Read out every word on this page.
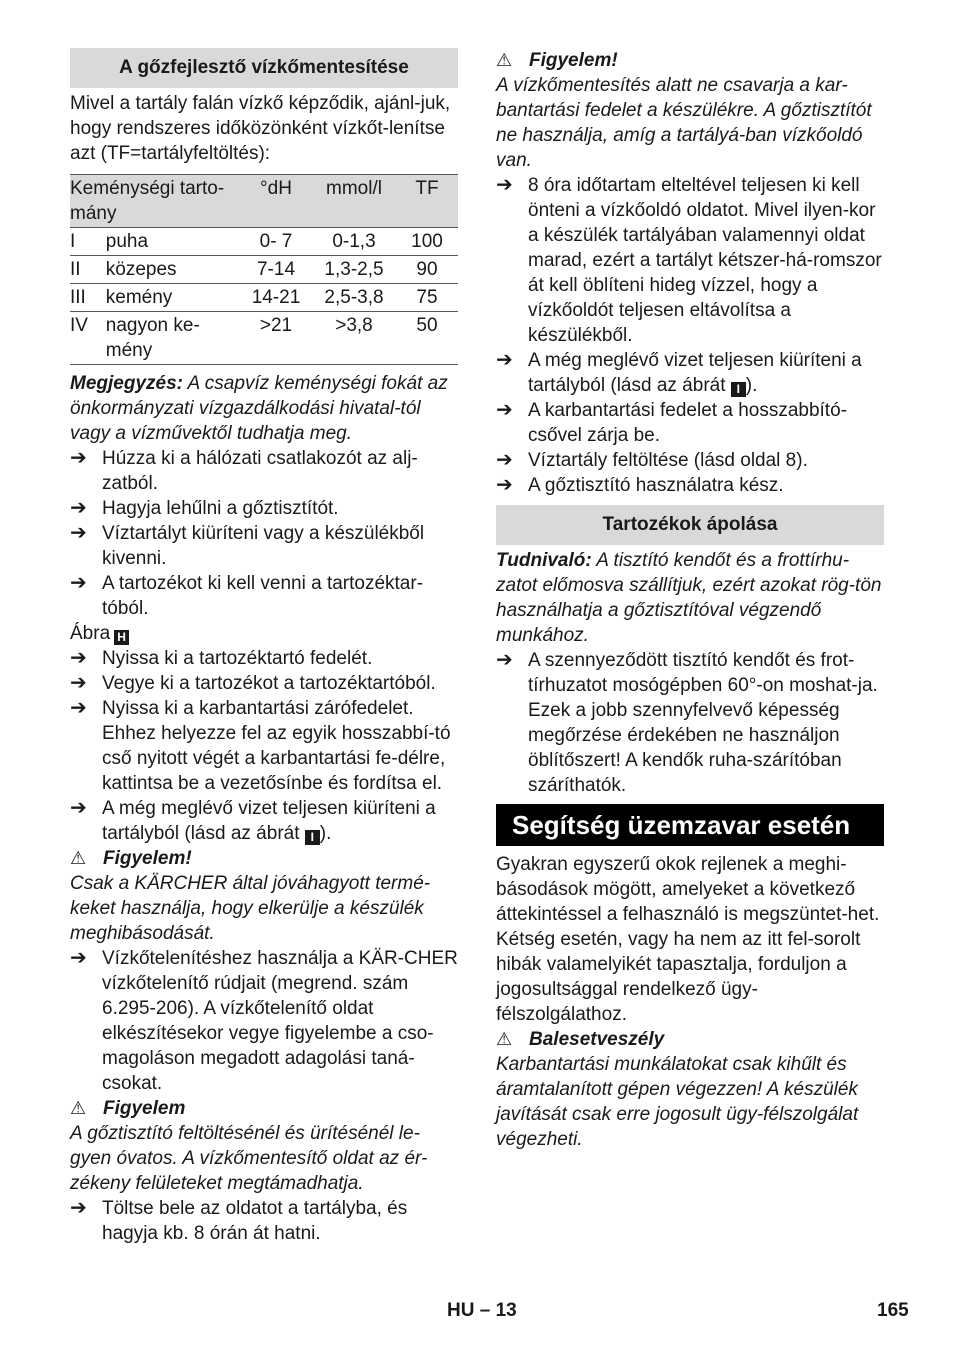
A gőzfejlesztő vízkőmentesítése

Mivel a tartály falán vízkő képződik, ajánl-juk, hogy rendszeres időközönként vízkőt-lenítse azt (TF=tartályfeltöltés):

Keménységi tarto-mány		°dH	mmol/l	TF
I	puha	0- 7	0-1,3	100
II	közepes	7-14	1,3-2,5	90
III	kemény	14-21	2,5-3,8	75
IV	nagyon ke-mény	>21	>3,8	50

Megjegyzés: A csapvíz keménységi fokát az önkormányzati vízgazdálkodási hivatal-tól vagy a vízművektől tudhatja meg.

➔ Húzza ki a hálózati csatlakozót az alj-zatból.
➔ Hagyja lehűlni a gőztisztítót.
➔ Víztartályt kiüríteni vagy a készülékből kivenni.
➔ A tartozékot ki kell venni a tartozéktar-tóból.

Ábra H

➔ Nyissa ki a tartozéktartó fedelét.
➔ Vegye ki a tartozékot a tartozéktartóból.
➔ Nyissa ki a karbantartási zárófedelet. Ehhez helyezze fel az egyik hosszabbí-tó cső nyitott végét a karbantartási fe-délre, kattintsa be a vezetősínbe és fordítsa el.
➔ A még meglévő vizet teljesen kiüríteni a tartályból (lásd az ábrát I ).
⚠ Figyelem!

Csak a KÄRCHER által jóváhagyott termé-keket használja, hogy elkerülje a készülék meghibásodását.

➔ Vízkőtelenítéshez használja a KÄR-CHER vízkőtelenítő rúdjait (megrend. szám 6.295-206). A vízkőtelenítő oldat elkészítésekor vegye figyelembe a cso-magoláson megadott adagolási taná-csokat.
⚠ Figyelem

A gőztisztító feltöltésénél és ürítésénél le-gyen óvatos. A vízkőmentesítő oldat az ér-zékeny felületeket megtámadhatja.

➔ Töltse bele az oldatot a tartályba, és hagyja kb. 8 órán át hatni.
⚠ Figyelem!

A vízkőmentesítés alatt ne csavarja a kar-bantartási fedelet a készülékre. A gőztisztítót ne használja, amíg a tartályá-ban vízkőoldó van.

➔ 8 óra időtartam elteltével teljesen ki kell önteni a vízkőoldó oldatot. Mivel ilyen-kor a készülék tartályában valamennyi oldat marad, ezért a tartályt kétszer-há-romszor át kell öblíteni hideg vízzel, hogy a vízkőoldót teljesen eltávolítsa a készülékből.
➔ A még meglévő vizet teljesen kiüríteni a tartályból (lásd az ábrát I ).
➔ A karbantartási fedelet a hosszabbító-csővel zárja be.
➔ Víztartály feltöltése (lásd oldal 8).
➔ A gőztisztító használatra kész.
Tartozékok ápolása

Tudnivaló: A tisztító kendőt és a frottírhu-zatot előmosva szállítjuk, ezért azokat rög-tön használhatja a gőztisztítóval végzendő munkához.

➔ A szennyeződött tisztító kendőt és frot-tírhuzatot mosógépben 60°-on moshat-ja. Ezek a jobb szennyfelvevő képesség megőrzése érdekében ne használjon öblítőszert! A kendők ruha-szárítóban száríthatók.
Segítség üzemzavar esetén

Gyakran egyszerű okok rejlenek a meghi-básodások mögött, amelyeket a következő áttekintéssel a felhasználó is megszüntet-het. Kétség esetén, vagy ha nem az itt fel-sorolt hibák valamelyikét tapasztalja, forduljon a jogosultsággal rendelkező ügy-félszolgálathoz.

⚠ Balesetveszély

Karbantartási munkálatokat csak kihűlt és áramtalanított gépen végezzen! A készülék javítását csak erre jogosult ügy-félszolgálat végezheti.

HU – 13	165
